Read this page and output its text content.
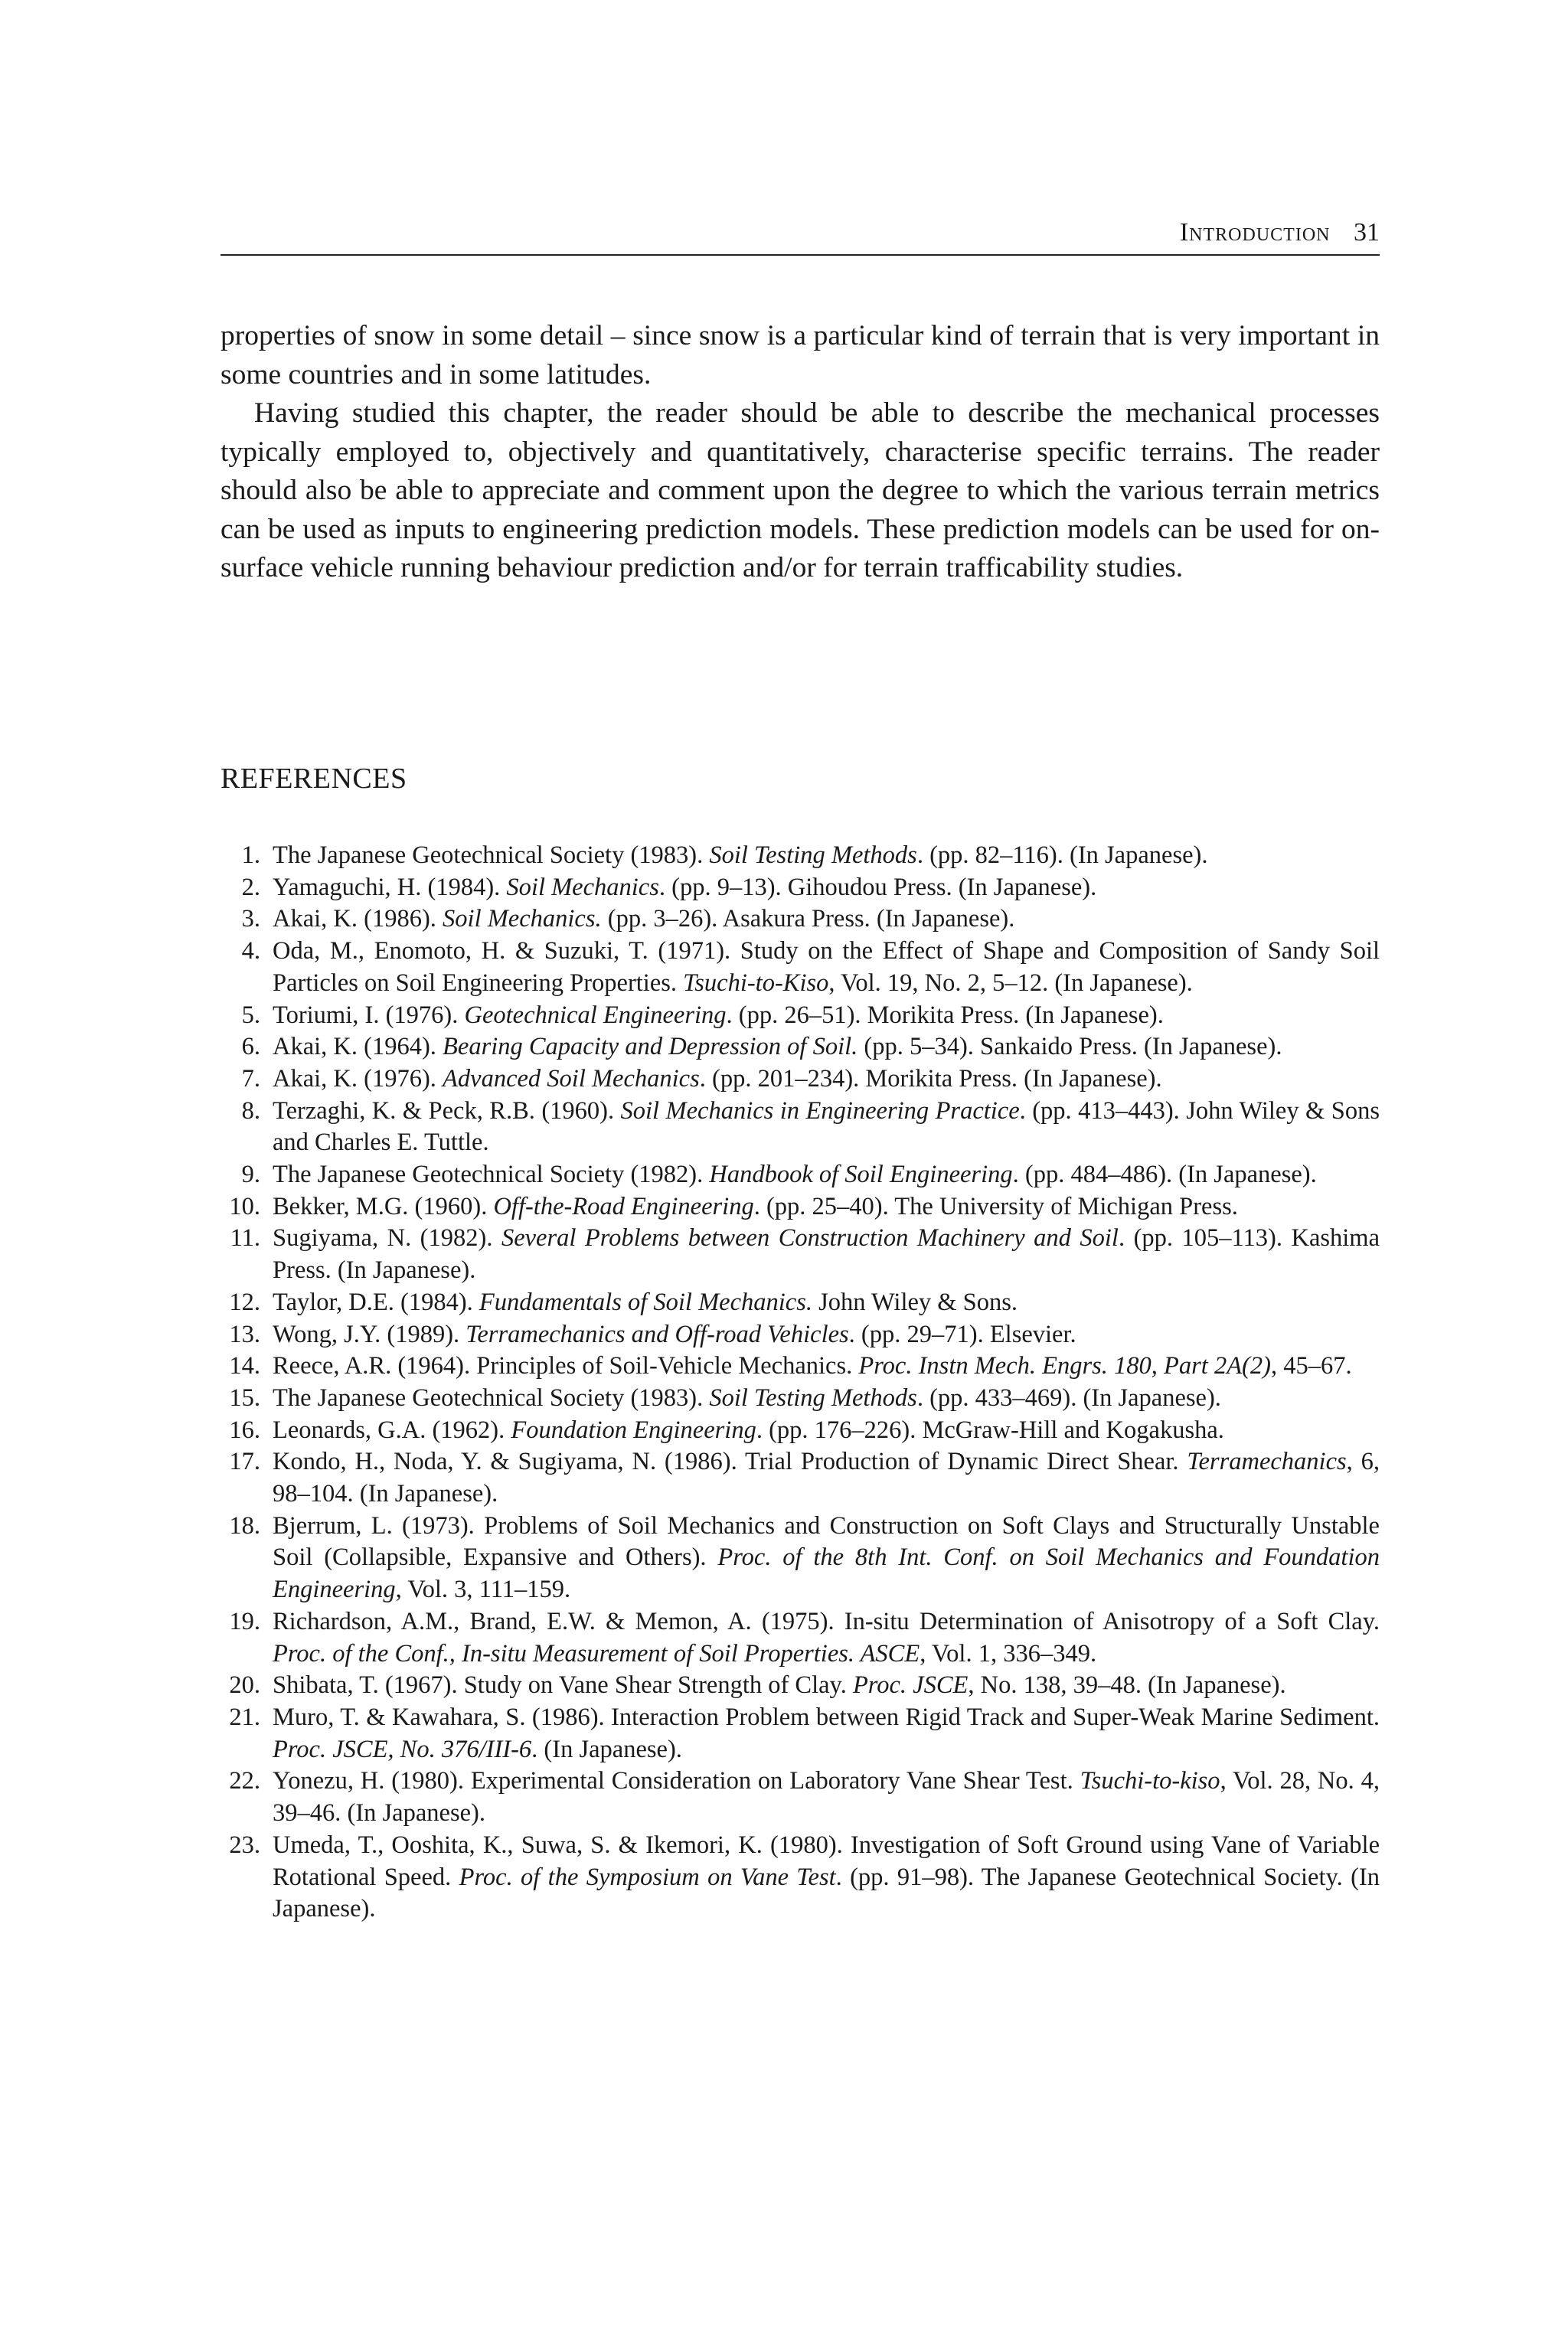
Introduction 31

properties of snow in some detail – since snow is a particular kind of terrain that is very important in some countries and in some latitudes.

Having studied this chapter, the reader should be able to describe the mechanical processes typically employed to, objectively and quantitatively, characterise specific terrains. The reader should also be able to appreciate and comment upon the degree to which the various terrain metrics can be used as inputs to engineering prediction models. These prediction models can be used for on-surface vehicle running behaviour prediction and/or for terrain trafficability studies.

REFERENCES
1. The Japanese Geotechnical Society (1983). Soil Testing Methods. (pp. 82–116). (In Japanese).
2. Yamaguchi, H. (1984). Soil Mechanics. (pp. 9–13). Gihoudou Press. (In Japanese).
3. Akai, K. (1986). Soil Mechanics. (pp. 3–26). Asakura Press. (In Japanese).
4. Oda, M., Enomoto, H. & Suzuki, T. (1971). Study on the Effect of Shape and Composition of Sandy Soil Particles on Soil Engineering Properties. Tsuchi-to-Kiso, Vol. 19, No. 2, 5–12. (In Japanese).
5. Toriumi, I. (1976). Geotechnical Engineering. (pp. 26–51). Morikita Press. (In Japanese).
6. Akai, K. (1964). Bearing Capacity and Depression of Soil. (pp. 5–34). Sankaido Press. (In Japanese).
7. Akai, K. (1976). Advanced Soil Mechanics. (pp. 201–234). Morikita Press. (In Japanese).
8. Terzaghi, K. & Peck, R.B. (1960). Soil Mechanics in Engineering Practice. (pp. 413–443). John Wiley & Sons and Charles E. Tuttle.
9. The Japanese Geotechnical Society (1982). Handbook of Soil Engineering. (pp. 484–486). (In Japanese).
10. Bekker, M.G. (1960). Off-the-Road Engineering. (pp. 25–40). The University of Michigan Press.
11. Sugiyama, N. (1982). Several Problems between Construction Machinery and Soil. (pp. 105–113). Kashima Press. (In Japanese).
12. Taylor, D.E. (1984). Fundamentals of Soil Mechanics. John Wiley & Sons.
13. Wong, J.Y. (1989). Terramechanics and Off-road Vehicles. (pp. 29–71). Elsevier.
14. Reece, A.R. (1964). Principles of Soil-Vehicle Mechanics. Proc. Instn Mech. Engrs. 180, Part 2A(2), 45–67.
15. The Japanese Geotechnical Society (1983). Soil Testing Methods. (pp. 433–469). (In Japanese).
16. Leonards, G.A. (1962). Foundation Engineering. (pp. 176–226). McGraw-Hill and Kogakusha.
17. Kondo, H., Noda, Y. & Sugiyama, N. (1986). Trial Production of Dynamic Direct Shear. Terramechanics, 6, 98–104. (In Japanese).
18. Bjerrum, L. (1973). Problems of Soil Mechanics and Construction on Soft Clays and Structurally Unstable Soil (Collapsible, Expansive and Others). Proc. of the 8th Int. Conf. on Soil Mechanics and Foundation Engineering, Vol. 3, 111–159.
19. Richardson, A.M., Brand, E.W. & Memon, A. (1975). In-situ Determination of Anisotropy of a Soft Clay. Proc. of the Conf., In-situ Measurement of Soil Properties. ASCE, Vol. 1, 336–349.
20. Shibata, T. (1967). Study on Vane Shear Strength of Clay. Proc. JSCE, No. 138, 39–48. (In Japanese).
21. Muro, T. & Kawahara, S. (1986). Interaction Problem between Rigid Track and Super-Weak Marine Sediment. Proc. JSCE, No. 376/III-6. (In Japanese).
22. Yonezu, H. (1980). Experimental Consideration on Laboratory Vane Shear Test. Tsuchi-to-kiso, Vol. 28, No. 4, 39–46. (In Japanese).
23. Umeda, T., Ooshita, K., Suwa, S. & Ikemori, K. (1980). Investigation of Soft Ground using Vane of Variable Rotational Speed. Proc. of the Symposium on Vane Test. (pp. 91–98). The Japanese Geotechnical Society. (In Japanese).
